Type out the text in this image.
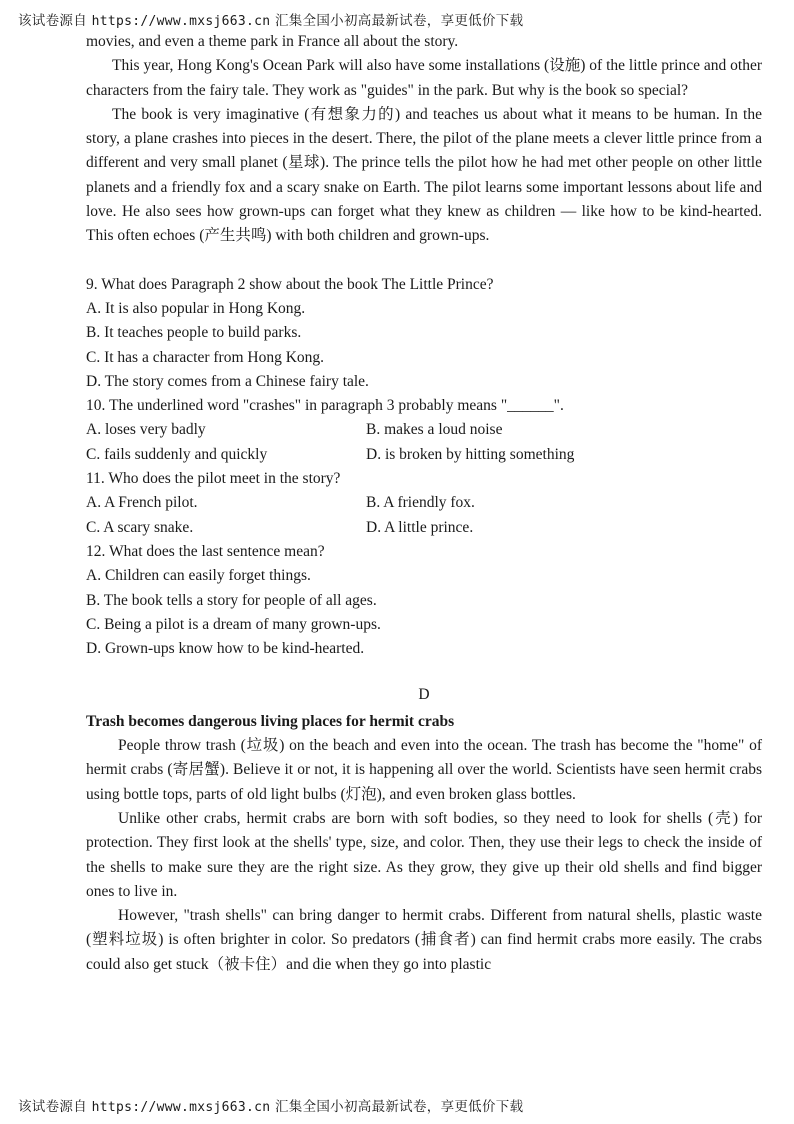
该试卷源自 https://www.mxsj663.cn 汇集全国小初高最新试卷，享更低价下载

movies, and even a theme park in France all about the story.

This year, Hong Kong's Ocean Park will also have some installations (设施) of the little prince and other characters from the fairy tale. They work as "guides" in the park. But why is the book so special?

The book is very imaginative (有想象力的) and teaches us about what it means to be human. In the story, a plane crashes into pieces in the desert. There, the pilot of the plane meets a clever little prince from a different and very small planet (星球). The prince tells the pilot how he had met other people on other little planets and a friendly fox and a scary snake on Earth. The pilot learns some important lessons about life and love. He also sees how grown-ups can forget what they knew as children — like how to be kind-hearted. This often echoes (产生共鸣) with both children and grown-ups.

9. What does Paragraph 2 show about the book The Little Prince?
A. It is also popular in Hong Kong.
B. It teaches people to build parks.
C. It has a character from Hong Kong.
D. The story comes from a Chinese fairy tale.
10. The underlined word "crashes" in paragraph 3 probably means "______".
A. loses very badly	B. makes a loud noise
C. fails suddenly and quickly	D. is broken by hitting something
11. Who does the pilot meet in the story?
A. A French pilot.	B. A friendly fox.
C. A scary snake.	D. A little prince.
12. What does the last sentence mean?
A. Children can easily forget things.
B. The book tells a story for people of all ages.
C. Being a pilot is a dream of many grown-ups.
D. Grown-ups know how to be kind-hearted.
D
Trash becomes dangerous living places for hermit crabs

People throw trash (垃圾) on the beach and even into the ocean. The trash has become the "home" of hermit crabs (寄居蟹). Believe it or not, it is happening all over the world. Scientists have seen hermit crabs using bottle tops, parts of old light bulbs (灯泡), and even broken glass bottles.

Unlike other crabs, hermit crabs are born with soft bodies, so they need to look for shells (壳) for protection. They first look at the shells' type, size, and color. Then, they use their legs to check the inside of the shells to make sure they are the right size. As they grow, they give up their old shells and find bigger ones to live in.

However, "trash shells" can bring danger to hermit crabs. Different from natural shells, plastic waste (塑料垃圾) is often brighter in color. So predators (捕食者) can find hermit crabs more easily. The crabs could also get stuck（被卡住）and die when they go into plastic

该试卷源自 https://www.mxsj663.cn 汇集全国小初高最新试卷，享更低价下载
